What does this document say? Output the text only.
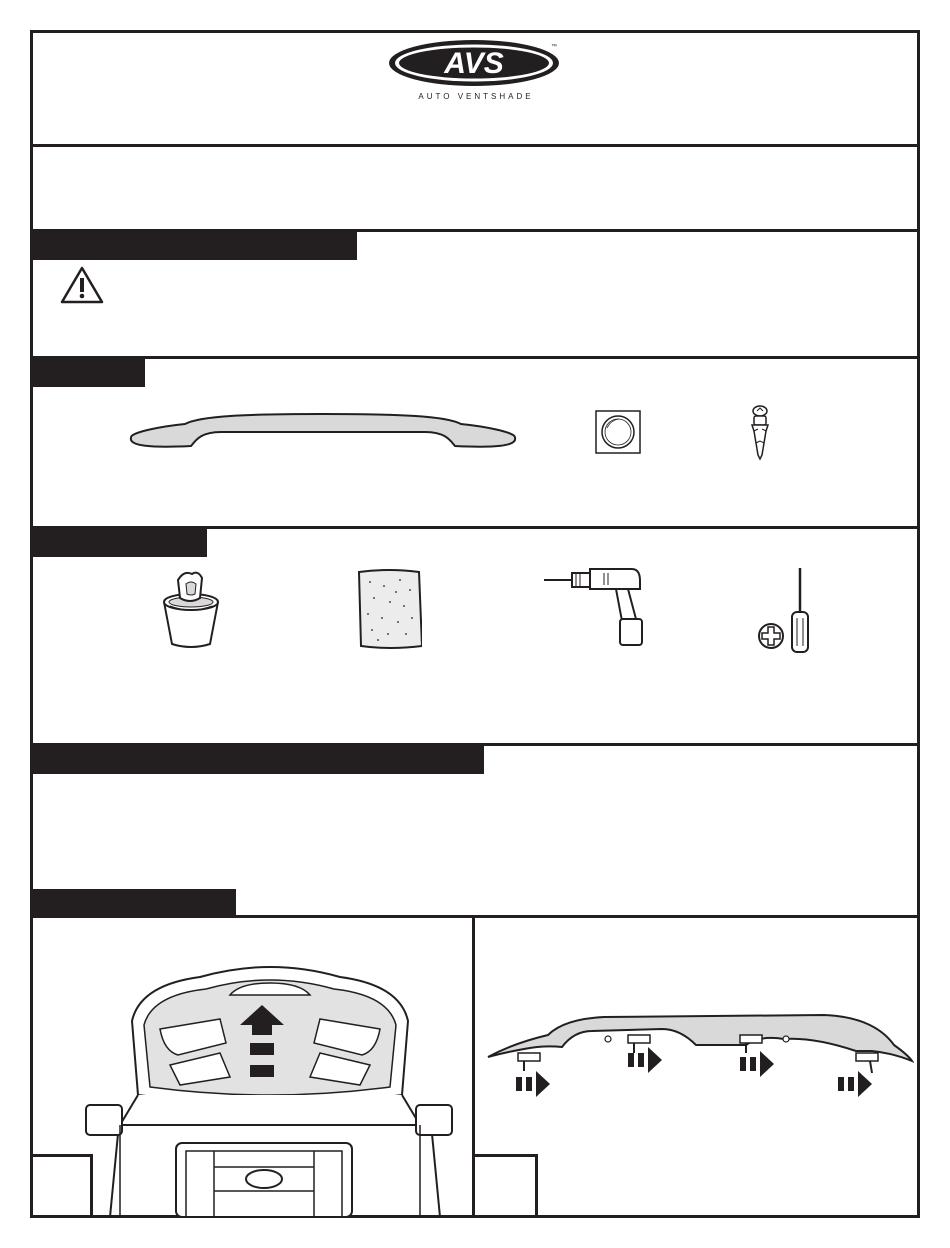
AVS	™
AUTO VENTSHADE
